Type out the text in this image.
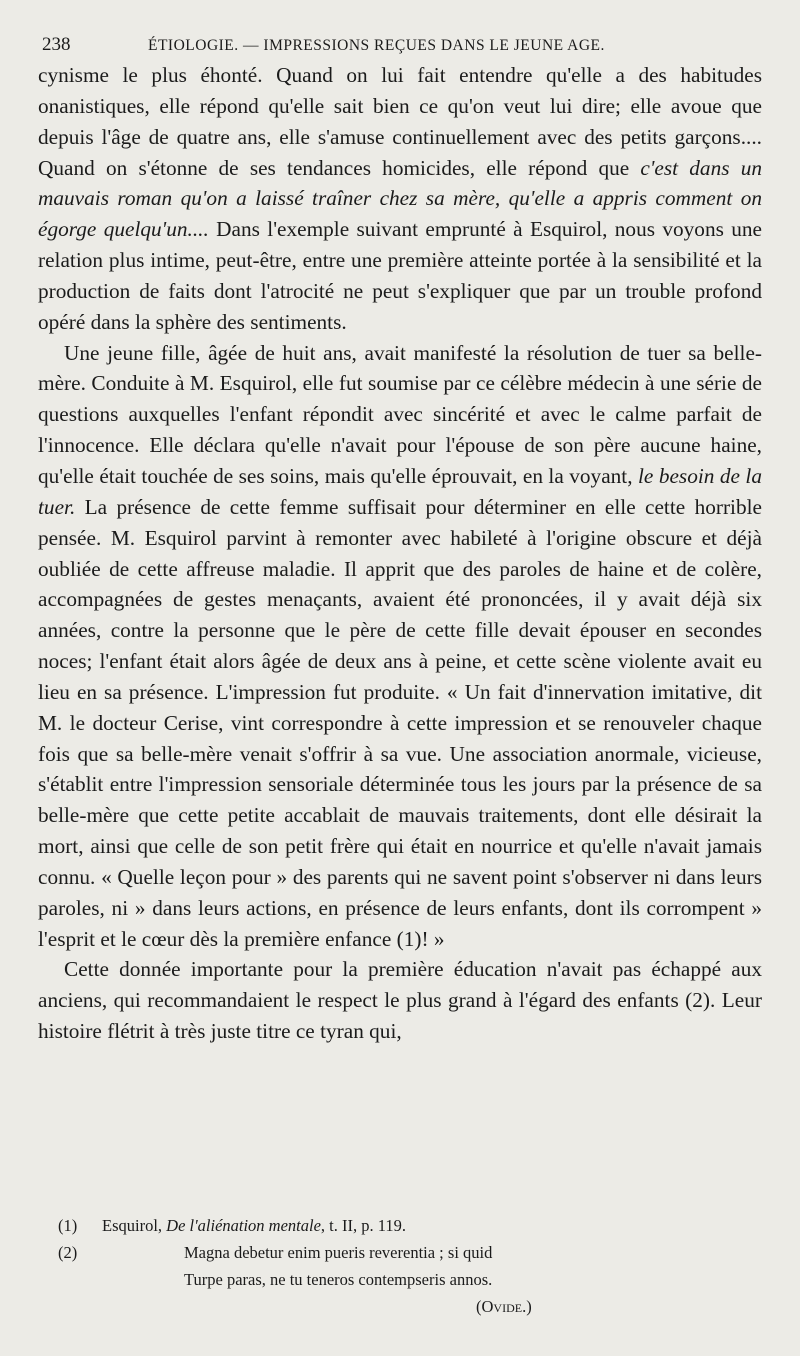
238	ÉTIOLOGIE. — IMPRESSIONS REÇUES DANS LE JEUNE AGE.

cynisme le plus éhonté. Quand on lui fait entendre qu'elle a des habitudes onanistiques, elle répond qu'elle sait bien ce qu'on veut lui dire; elle avoue que depuis l'âge de quatre ans, elle s'amuse continuellement avec des petits garçons.... Quand on s'étonne de ses tendances homicides, elle répond que c'est dans un mauvais roman qu'on a laissé traîner chez sa mère, qu'elle a appris comment on égorge quelqu'un.... Dans l'exemple suivant emprunté à Esquirol, nous voyons une relation plus intime, peut-être, entre une première atteinte portée à la sensibilité et la production de faits dont l'atrocité ne peut s'expliquer que par un trouble profond opéré dans la sphère des sentiments.

Une jeune fille, âgée de huit ans, avait manifesté la résolution de tuer sa belle-mère. Conduite à M. Esquirol, elle fut soumise par ce célèbre médecin à une série de questions auxquelles l'enfant répondit avec sincérité et avec le calme parfait de l'innocence. Elle déclara qu'elle n'avait pour l'épouse de son père aucune haine, qu'elle était touchée de ses soins, mais qu'elle éprouvait, en la voyant, le besoin de la tuer. La présence de cette femme suffisait pour déterminer en elle cette horrible pensée. M. Esquirol parvint à remonter avec habileté à l'origine obscure et déjà oubliée de cette affreuse maladie. Il apprit que des paroles de haine et de colère, accompagnées de gestes menaçants, avaient été prononcées, il y avait déjà six années, contre la personne que le père de cette fille devait épouser en secondes noces; l'enfant était alors âgée de deux ans à peine, et cette scène violente avait eu lieu en sa présence. L'impression fut produite. « Un fait d'innervation imitative, dit M. le docteur Cerise, vint correspondre à cette impression et se renouveler chaque fois que sa belle-mère venait s'offrir à sa vue. Une association anormale, vicieuse, s'établit entre l'impression sensoriale déterminée tous les jours par la présence de sa belle-mère que cette petite accablait de mauvais traitements, dont elle désirait la mort, ainsi que celle de son petit frère qui était en nourrice et qu'elle n'avait jamais connu. « Quelle leçon pour » des parents qui ne savent point s'observer ni dans leurs paroles, ni » dans leurs actions, en présence de leurs enfants, dont ils corrompent » l'esprit et le cœur dès la première enfance (1)! »

Cette donnée importante pour la première éducation n'avait pas échappé aux anciens, qui recommandaient le respect le plus grand à l'égard des enfants (2). Leur histoire flétrit à très juste titre ce tyran qui,

(1) Esquirol, De l'aliénation mentale, t. II, p. 119.
(2)	Magna debetur enim pueris reverentia ; si quid
Turpe paras, ne tu teneros contempseris annos.
(Ovide.)
